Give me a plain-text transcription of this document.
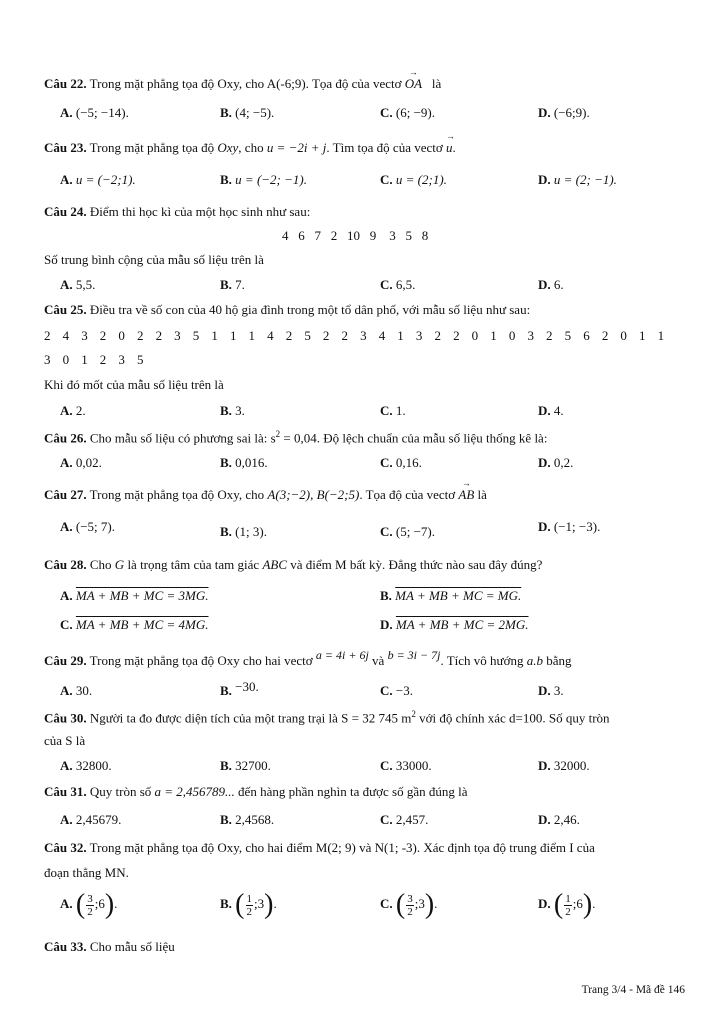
Câu 22. Trong mặt phẳng tọa độ Oxy, cho A(-6;9). Tọa độ của vectơ → OA là
A. (−5; −14).	B. (4; −5).	C. (6; −9).	D. (−6;9).
Câu 23. Trong mặt phẳng tọa độ Oxy, cho u = −2i + j. Tìm tọa độ của vectơ → u.
A. u = (−2;1).	B. u = (−2; −1).	C. u = (2;1).	D. u = (2; −1).
Câu 24. Điểm thi học kì của một học sinh như sau:
4   6   7   2   10   9    3   5   8
Số trung bình cộng của mẫu số liệu trên là
A. 5,5.	B. 7.	C. 6,5.	D. 6.
Câu 25. Điều tra về số con của 40 hộ gia đình trong một tổ dân phố, với mẫu số liệu như sau:
2 4 3 2 0 2 2 3 5 1 1 1 4 2 5 2 2 3 4 1 3 2 2 0 1 0 3 2 5 6 2 0 1 1
3 0 1 2 3 5
Khi đó mốt của mẫu số liệu trên là
A. 2.	B. 3.	C. 1.	D. 4.
Câu 26. Cho mẫu số liệu có phương sai là: $s^2 = 0,04$. Độ lệch chuẩn của mẫu số liệu thống kê là:
A. 0,02.	B. 0,016.	C. 0,16.	D. 0,2.
Câu 27. Trong mặt phẳng tọa độ Oxy, cho A(3;−2), B(−2;5). Tọa độ của vectơ → AB là
A. (−5; 7).	B. (1; 3).	C. (5; −7).	D. (−1; −3).
Câu 28. Cho G là trọng tâm của tam giác ABC và điểm M bất kỳ. Đẳng thức nào sau đây đúng?
A. MA + MB + MC = 3MG.	B. MA + MB + MC = MG.
C. MA + MB + MC = 4MG.	D. MA + MB + MC = 2MG.
Câu 29. Trong mặt phẳng tọa độ Oxy cho hai vectơ a = 4i + 6j và b = 3i − 7j. Tích vô hướng a.b bằng
A. 30.	B. −30.	C. −3.	D. 3.
Câu 30. Người ta đo được diện tích của một trang trại là S = 32 745 $m^2$ với độ chính xác d=100. Số quy tròn
của S là
A. 32800.	B. 32700.	C. 33000.	D. 32000.
Câu 31. Quy tròn số a = 2,456789... đến hàng phần nghìn ta được số gần đúng là
A. 2,45679.	B. 2,4568.	C. 2,457.	D. 2,46.
Câu 32. Trong mặt phẳng tọa độ Oxy, cho hai điểm M(2; 9) và N(1; -3). Xác định tọa độ trung điểm I của
đoạn thẳng MN.
A. ( $\frac{3}{2}$ ;6).	B. ( $\frac{1}{2}$ ;3).	C. ( $\frac{3}{2}$ ;3).	D. ( $\frac{1}{2}$ ;6).
Câu 33. Cho mẫu số liệu
Trang 3/4 - Mã đề 146
